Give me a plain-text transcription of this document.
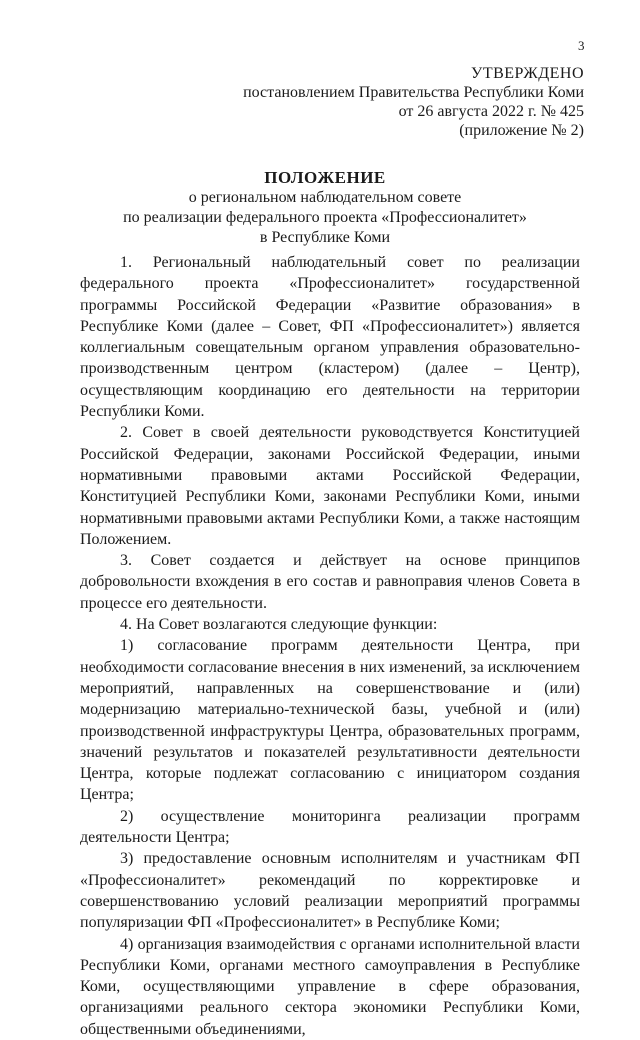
3
УТВЕРЖДЕНО
постановлением Правительства Республики Коми
от 26 августа 2022 г. № 425
(приложение № 2)
ПОЛОЖЕНИЕ
о региональном наблюдательном совете
по реализации федерального проекта «Профессионалитет»
в Республике Коми

1. Региональный наблюдательный совет по реализации федерального проекта «Профессионалитет» государственной программы Российской Федерации «Развитие образования» в Республике Коми (далее – Совет, ФП «Профессионалитет») является коллегиальным совещательным органом управления образовательно-производственным центром (кластером) (далее – Центр), осуществляющим координацию его деятельности на территории Республики Коми.

2. Совет в своей деятельности руководствуется Конституцией Российской Федерации, законами Российской Федерации, иными нормативными правовыми актами Российской Федерации, Конституцией Республики Коми, законами Республики Коми, иными нормативными правовыми актами Республики Коми, а также настоящим Положением.

3. Совет создается и действует на основе принципов добровольности вхождения в его состав и равноправия членов Совета в процессе его деятельности.

4. На Совет возлагаются следующие функции:

1) согласование программ деятельности Центра, при необходимости согласование внесения в них изменений, за исключением мероприятий, направленных на совершенствование и (или) модернизацию материально-технической базы, учебной и (или) производственной инфраструктуры Центра, образовательных программ, значений результатов и показателей результативности деятельности Центра, которые подлежат согласованию с инициатором создания Центра;

2) осуществление мониторинга реализации программ деятельности Центра;

3) предоставление основным исполнителям и участникам ФП «Профессионалитет» рекомендаций по корректировке и совершенствованию условий реализации мероприятий программы популяризации ФП «Профессионалитет» в Республике Коми;

4) организация взаимодействия с органами исполнительной власти Республики Коми, органами местного самоуправления в Республике Коми, осуществляющими управление в сфере образования, организациями реального сектора экономики Республики Коми, общественными объединениями,
